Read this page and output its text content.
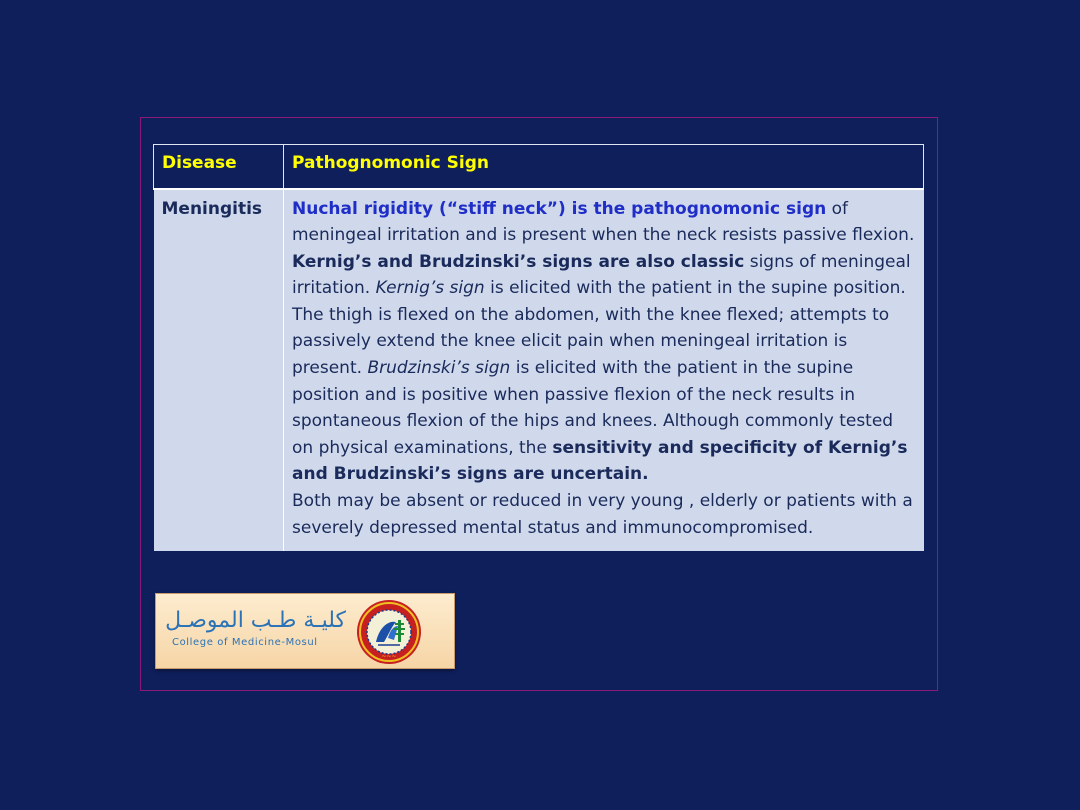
Disease	Pathognomonic Sign
Meningitis	Nuchal rigidity (“stiff neck”) is the pathognomonic sign of meningeal irritation and is present when the neck resists passive flexion.
Kernig’s and Brudzinski’s signs are also classic signs of meningeal irritation. Kernig’s sign is elicited with the patient in the supine position. The thigh is flexed on the abdomen, with the knee flexed; attempts to passively extend the knee elicit pain when meningeal irritation is present. Brudzinski’s sign is elicited with the patient in the supine position and is positive when passive flexion of the neck results in spontaneous flexion of the hips and knees. Although commonly tested on physical examinations, the sensitivity and specificity of Kernig’s and Brudzinski’s signs are uncertain.
Both may be absent or reduced in very young , elderly or patients with a severely depressed mental status and immunocompromised.
كليـة طـب الموصـل
College of Medicine-Mosul
~~~
